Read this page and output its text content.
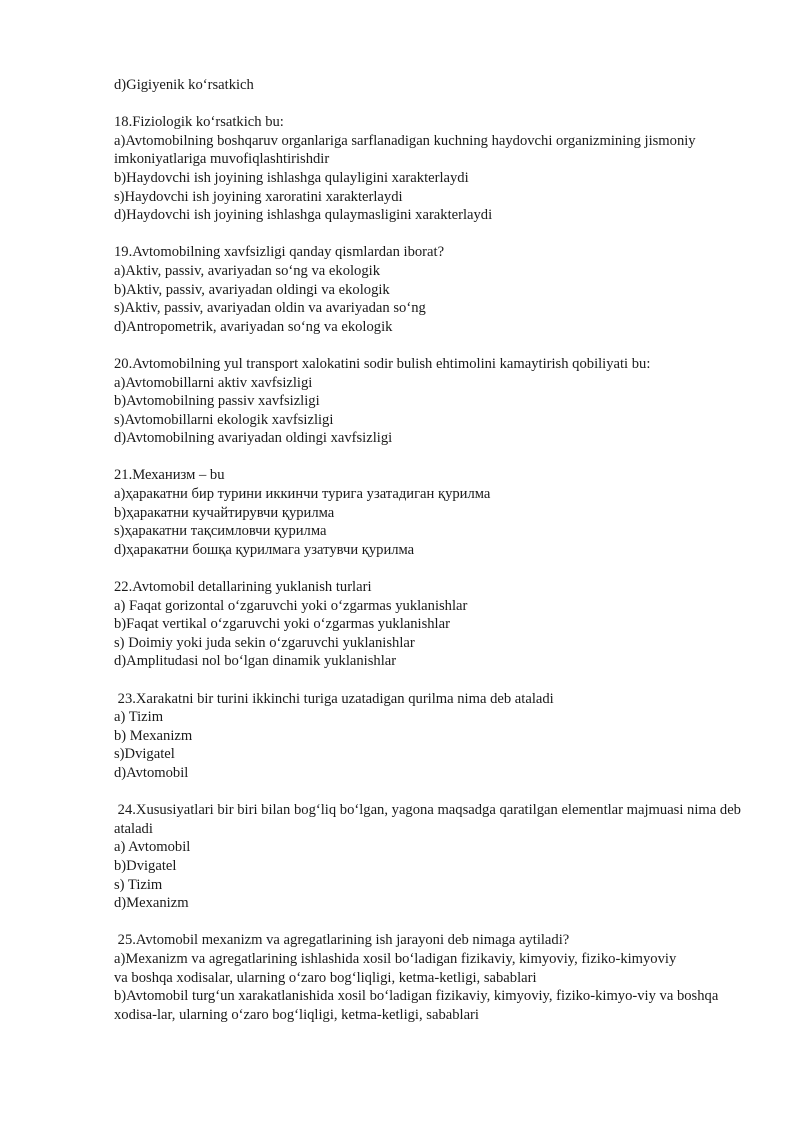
d)Gigiyenik ko‘rsatkich
18.Fiziologik ko‘rsatkich bu:
a)Avtomobilning boshqaruv organlariga sarflanadigan kuchning haydovchi organizmining jismoniy imkoniyatlariga muvofiqlashtirishdir
b)Haydovchi ish joyining ishlashga qulayligini xarakterlaydi
s)Haydovchi ish joyining xaroratini xarakterlaydi
d)Haydovchi ish joyining ishlashga qulaymasligini xarakterlaydi
19.Avtomobilning xavfsizligi qanday qismlardan iborat?
a)Aktiv, passiv, avariyadan so‘ng va ekologik
b)Aktiv, passiv, avariyadan oldingi va ekologik
s)Aktiv, passiv, avariyadan oldin va avariyadan so‘ng
d)Antropometrik, avariyadan so‘ng va ekologik
20.Avtomobilning yul transport xalokatini sodir bulish ehtimolini kamaytirish qobiliyati bu:
a)Avtomobillarni aktiv xavfsizligi
b)Avtomobilning passiv xavfsizligi
s)Avtomobillarni ekologik xavfsizligi
d)Avtomobilning avariyadan oldingi xavfsizligi
21.Механизм – bu
a)ҳаракатни бир турини иккинчи турига узатадиган қурилма
b)ҳаракатни кучайтирувчи қурилма
s)ҳаракатни тақсимловчи қурилма
d)ҳаракатни бошқа қурилмага узатувчи қурилма
22.Avtomobil detallarining yuklanish turlari
a) Faqat gorizontal o‘zgaruvchi yoki o‘zgarmas yuklanishlar
b)Faqat vertikal o‘zgaruvchi yoki o‘zgarmas yuklanishlar
s) Doimiy yoki juda sekin o‘zgaruvchi yuklanishlar
d)Amplitudasi nol bo‘lgan dinamik yuklanishlar
23.Xarakatni bir turini ikkinchi turiga uzatadigan qurilma nima deb ataladi
a) Tizim
b) Mexanizm
s)Dvigatel
d)Avtomobil
24.Xususiyatlari bir biri bilan bog‘liq bo‘lgan, yagona maqsadga qaratilgan elementlar majmuasi nima deb ataladi
a) Avtomobil
b)Dvigatel
s) Tizim
d)Mexanizm
25.Avtomobil mexanizm va agregatlarining ish jarayoni deb nimaga aytiladi?
a)Mexanizm va agregatlarining ishlashida xosil bo‘ladigan fizikaviy, kimyoviy, fiziko-kimyoviy va boshqa xodisalar, ularning o‘zaro bog‘liqligi, ketma-ketligi, sabablari
b)Avtomobil turg‘un xarakatlanishida xosil bo‘ladigan fizikaviy, kimyoviy, fiziko-kimyo-viy va boshqa xodisa-lar, ularning o‘zaro bog‘liqligi, ketma-ketligi, sabablari
